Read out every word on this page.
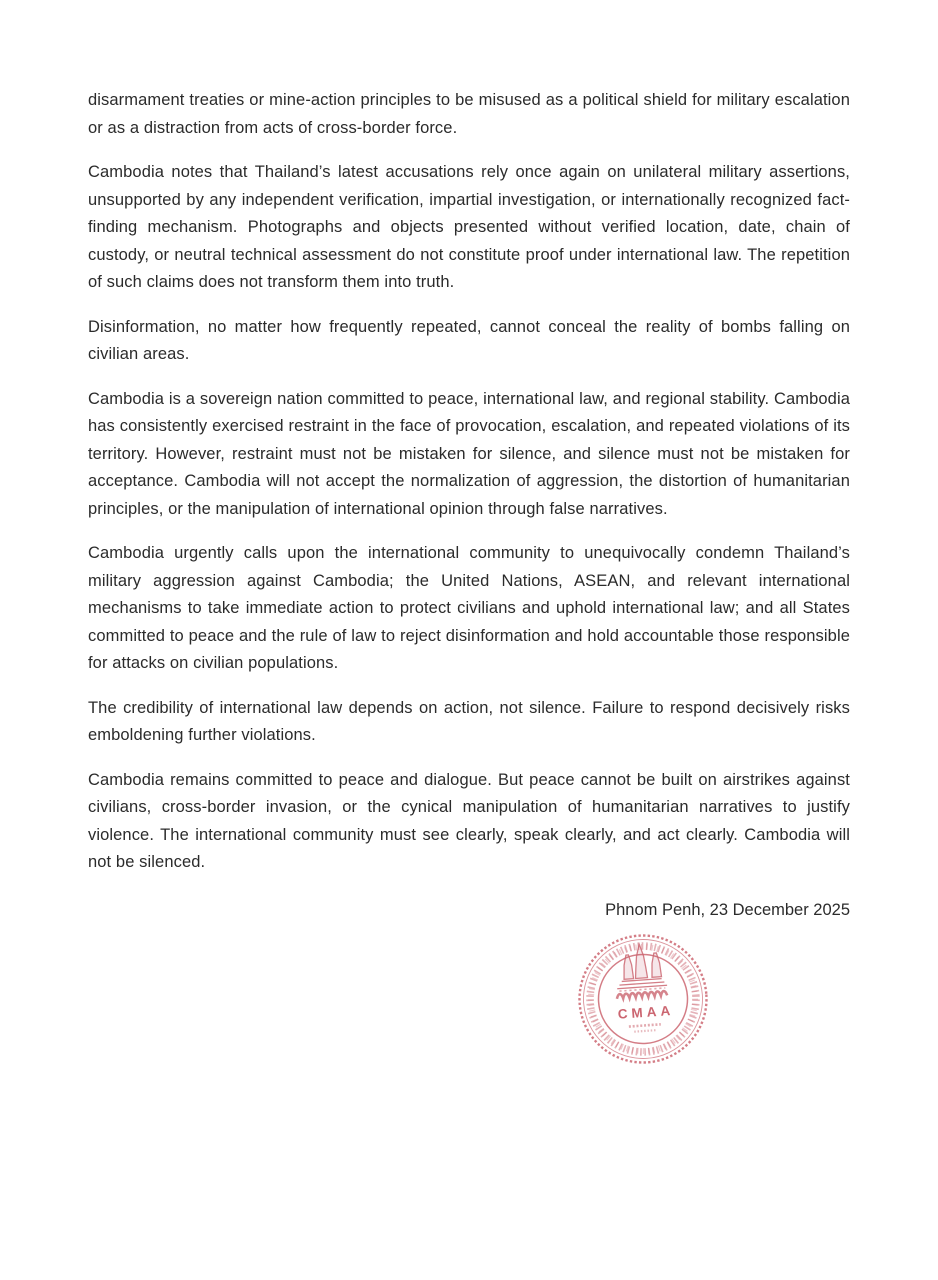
disarmament treaties or mine-action principles to be misused as a political shield for military escalation or as a distraction from acts of cross-border force.

Cambodia notes that Thailand’s latest accusations rely once again on unilateral military assertions, unsupported by any independent verification, impartial investigation, or internationally recognized fact-finding mechanism. Photographs and objects presented without verified location, date, chain of custody, or neutral technical assessment do not constitute proof under international law. The repetition of such claims does not transform them into truth.

Disinformation, no matter how frequently repeated, cannot conceal the reality of bombs falling on civilian areas.

Cambodia is a sovereign nation committed to peace, international law, and regional stability. Cambodia has consistently exercised restraint in the face of provocation, escalation, and repeated violations of its territory. However, restraint must not be mistaken for silence, and silence must not be mistaken for acceptance. Cambodia will not accept the normalization of aggression, the distortion of humanitarian principles, or the manipulation of international opinion through false narratives.

Cambodia urgently calls upon the international community to unequivocally condemn Thailand’s military aggression against Cambodia; the United Nations, ASEAN, and relevant international mechanisms to take immediate action to protect civilians and uphold international law; and all States committed to peace and the rule of law to reject disinformation and hold accountable those responsible for attacks on civilian populations.

The credibility of international law depends on action, not silence. Failure to respond decisively risks emboldening further violations.

Cambodia remains committed to peace and dialogue. But peace cannot be built on airstrikes against civilians, cross-border invasion, or the cynical manipulation of humanitarian narratives to justify violence. The international community must see clearly, speak clearly, and act clearly. Cambodia will not be silenced.

Phnom Penh, 23 December 2025
CMAA
